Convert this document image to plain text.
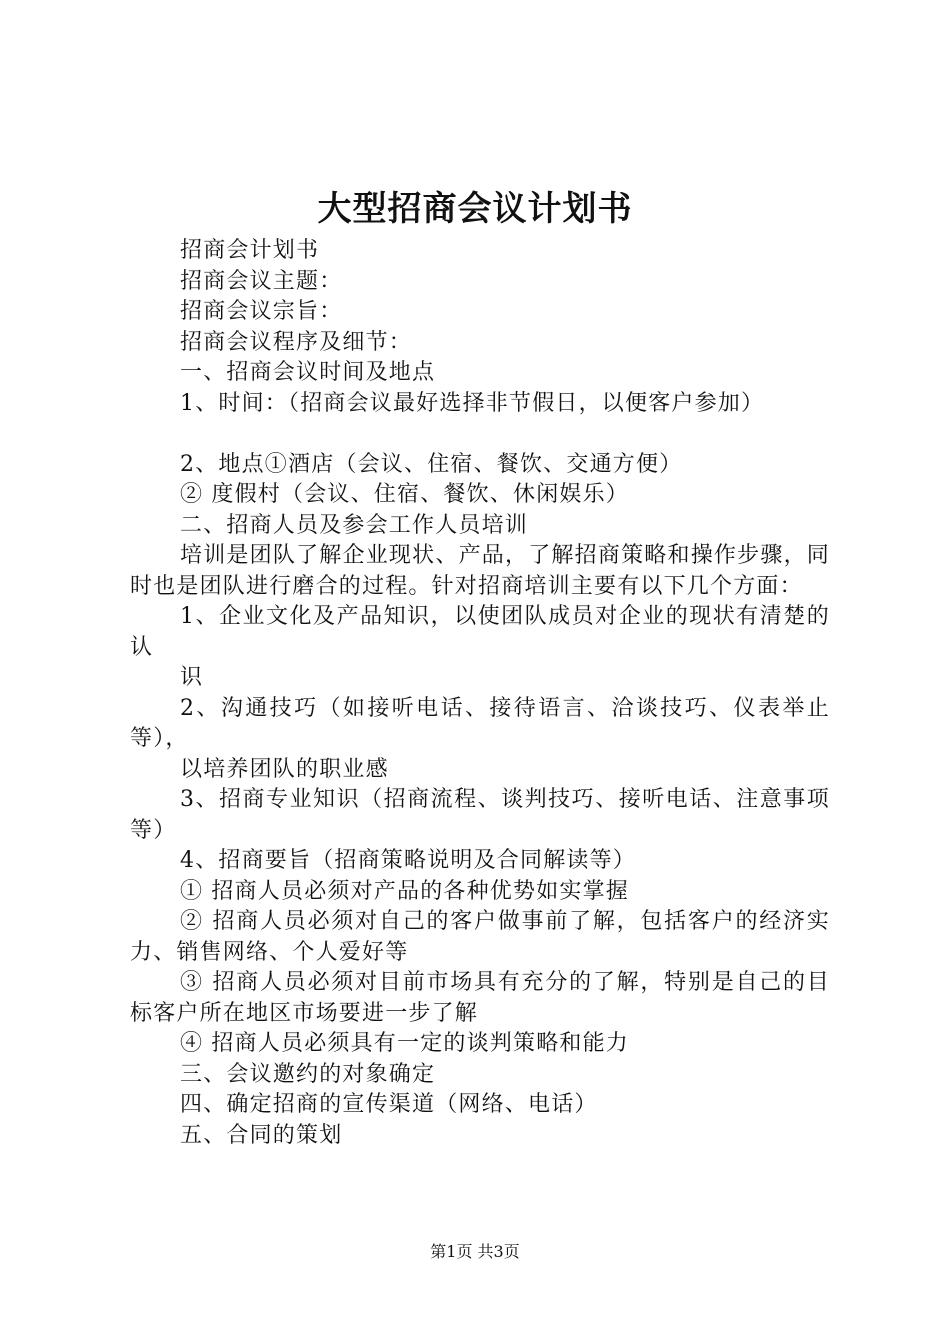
大型招商会议计划书

招商会计划书

招商会议主题：

招商会议宗旨：

招商会议程序及细节：

一、招商会议时间及地点

1、时间：（招商会议最好选择非节假日，以便客户参加）

2、地点①酒店（会议、住宿、餐饮、交通方便）

② 度假村（会议、住宿、餐饮、休闲娱乐）

二、招商人员及参会工作人员培训

培训是团队了解企业现状、产品，了解招商策略和操作步骤，同时也是团队进行磨合的过程。针对招商培训主要有以下几个方面：

1、企业文化及产品知识，以使团队成员对企业的现状有清楚的认

识

2、沟通技巧（如接听电话、接待语言、洽谈技巧、仪表举止等），

以培养团队的职业感

3、招商专业知识（招商流程、谈判技巧、接听电话、注意事项等）

4、招商要旨（招商策略说明及合同解读等）

① 招商人员必须对产品的各种优势如实掌握

② 招商人员必须对自己的客户做事前了解，包括客户的经济实力、销售网络、个人爱好等

③ 招商人员必须对目前市场具有充分的了解，特别是自己的目标客户所在地区市场要进一步了解

④ 招商人员必须具有一定的谈判策略和能力

三、会议邀约的对象确定

四、确定招商的宣传渠道（网络、电话）

五、合同的策划

第1页 共3页
